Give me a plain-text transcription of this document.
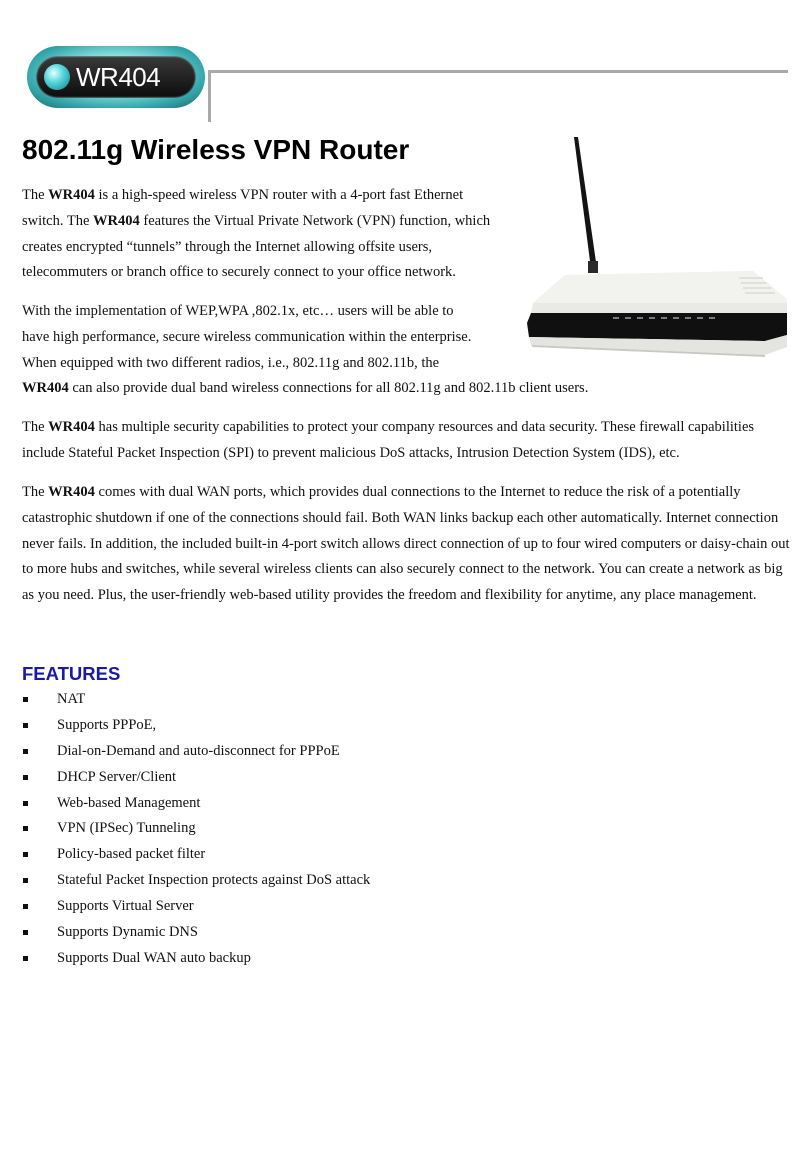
WR404
802.11g Wireless VPN Router

The WR404 is a high-speed wireless VPN router with a 4-port fast Ethernet switch. The WR404 features the Virtual Private Network (VPN) function, which creates encrypted “tunnels” through the Internet allowing offsite users, telecommuters or branch office to securely connect to your office network.

With the implementation of WEP,WPA ,802.1x, etc… users will be able to
have high performance, secure wireless communication within the enterprise.
When equipped with two different radios, i.e., 802.11g and 802.11b, the
WR404 can also provide dual band wireless connections for all 802.11g and 802.11b client users.

The WR404 has multiple security capabilities to protect your company resources and data security. These firewall capabilities include Stateful Packet Inspection (SPI) to prevent malicious DoS attacks, Intrusion Detection System (IDS), etc.

The WR404 comes with dual WAN ports, which provides dual connections to the Internet to reduce the risk of a potentially catastrophic shutdown if one of the connections should fail. Both WAN links backup each other automatically. Internet connection never fails. In addition, the included built-in 4-port switch allows direct connection of up to four wired computers or daisy-chain out to more hubs and switches, while several wireless clients can also securely connect to the network. You can create a network as big as you need. Plus, the user-friendly web-based utility provides the freedom and flexibility for anytime, any place management.

FEATURES
NAT
Supports PPPoE,
Dial-on-Demand and auto-disconnect for PPPoE
DHCP Server/Client
Web-based Management
VPN (IPSec) Tunneling
Policy-based packet filter
Stateful Packet Inspection protects against DoS attack
Supports Virtual Server
Supports Dynamic DNS
Supports Dual WAN auto backup
